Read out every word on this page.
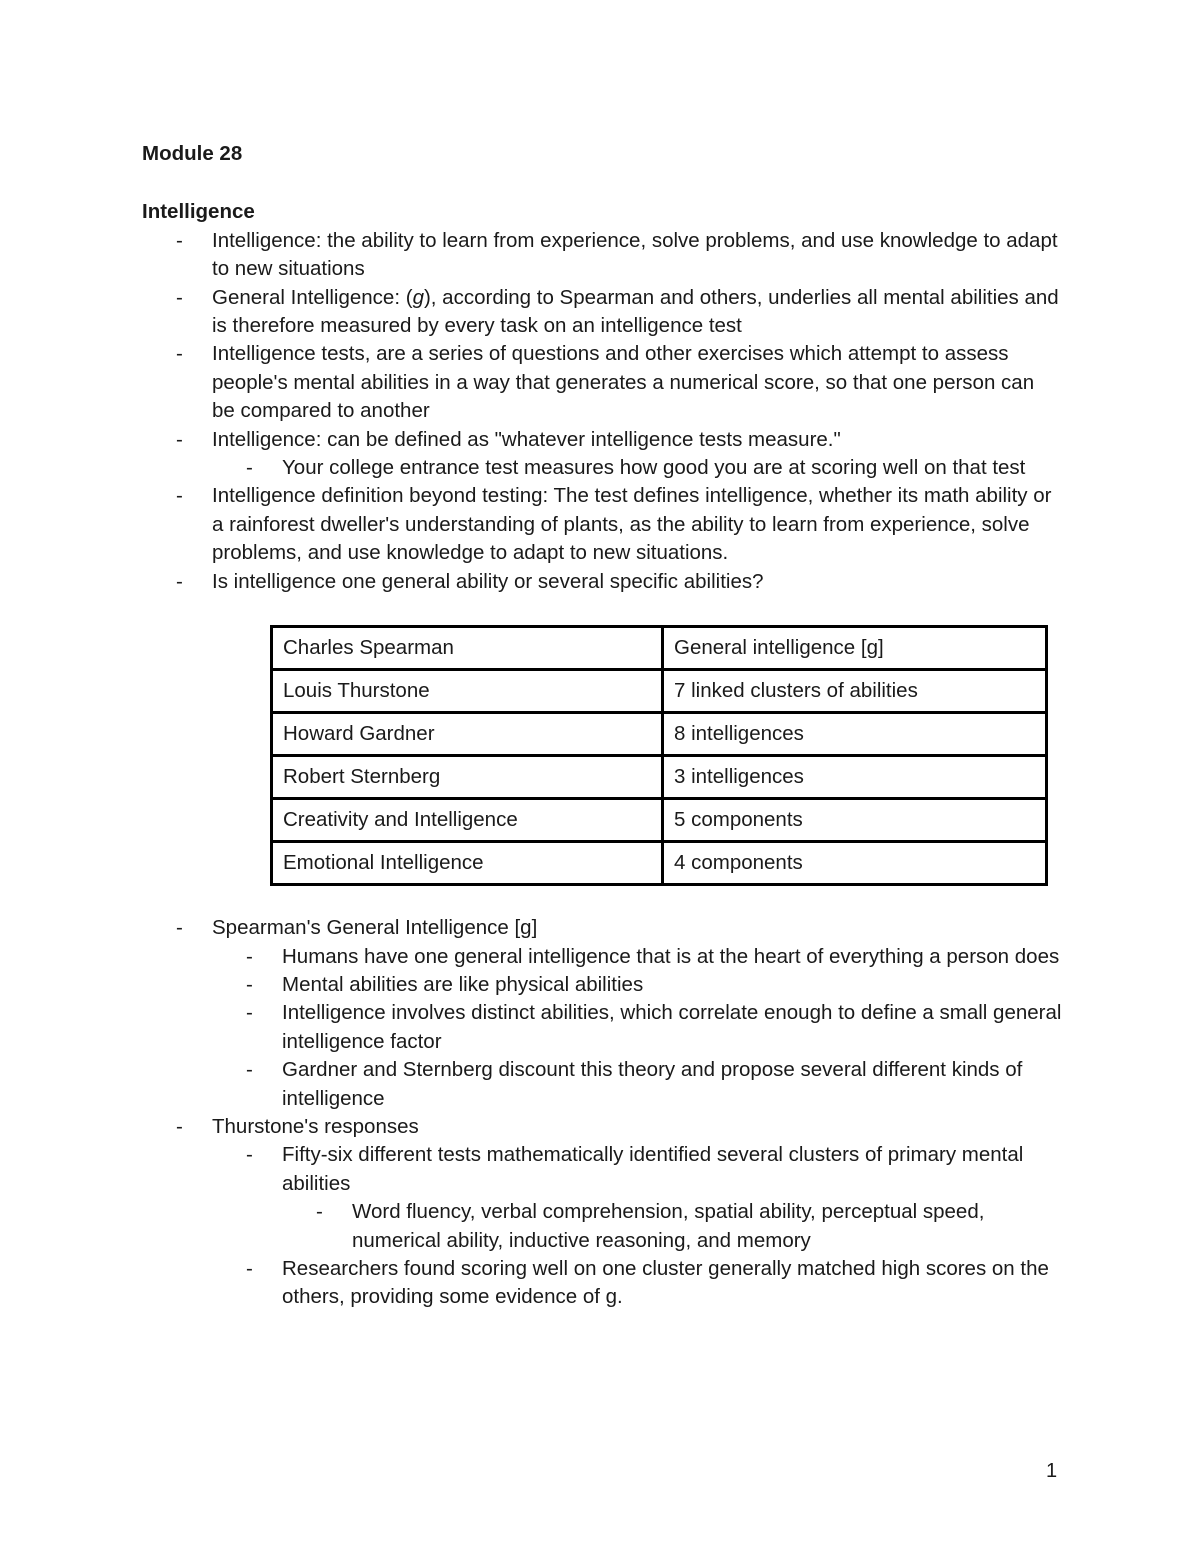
Module 28

Intelligence

- Intelligence: the ability to learn from experience, solve problems, and use knowledge to adapt to new situations
- General Intelligence: (g), according to Spearman and others, underlies all mental abilities and is therefore measured by every task on an intelligence test
- Intelligence tests, are a series of questions and other exercises which attempt to assess people's mental abilities in a way that generates a numerical score, so that one person can be compared to another
- Intelligence: can be defined as "whatever intelligence tests measure."
- Your college entrance test measures how good you are at scoring well on that test
- Intelligence definition beyond testing: The test defines intelligence, whether its math ability or a rainforest dweller's understanding of plants, as the ability to learn from experience, solve problems, and use knowledge to adapt to new situations.
- Is intelligence one general ability or several specific abilities?
Charles Spearman	General intelligence [g]
Louis Thurstone	7 linked clusters of abilities
Howard Gardner	8 intelligences
Robert Sternberg	3 intelligences
Creativity and Intelligence	5 components
Emotional Intelligence	4 components
- Spearman's General Intelligence [g]
- Humans have one general intelligence that is at the heart of everything a person does
- Mental abilities are like physical abilities
- Intelligence involves distinct abilities, which correlate enough to define a small general intelligence factor
- Gardner and Sternberg discount this theory and propose several different kinds of intelligence
- Thurstone's responses
- Fifty-six different tests mathematically identified several clusters of primary mental abilities
- Word fluency, verbal comprehension, spatial ability, perceptual speed, numerical ability, inductive reasoning, and memory
- Researchers found scoring well on one cluster generally matched high scores on the others, providing some evidence of g.
1
